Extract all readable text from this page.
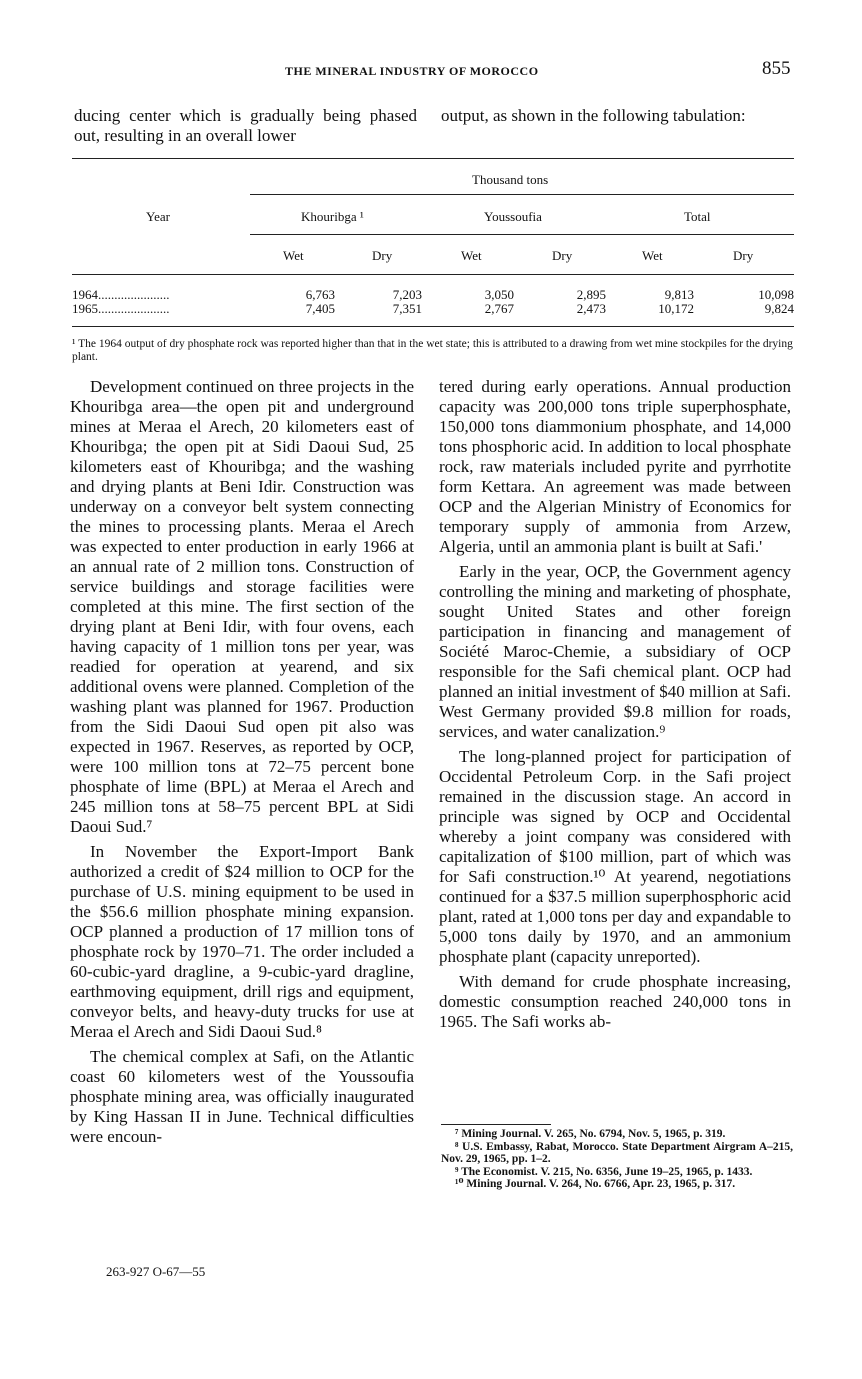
THE MINERAL INDUSTRY OF MOROCCO	855
ducing center which is gradually being phased out, resulting in an overall lower
output, as shown in the following tabulation:
Thousand tons
Year	Khouribga ¹	Youssoufia	Total
Wet	Dry	Wet	Dry	Wet	Dry
1964......................	6,763	7,203	3,050	2,895	9,813	10,098
1965......................	7,405	7,351	2,767	2,473	10,172	9,824
¹ The 1964 output of dry phosphate rock was reported higher than that in the wet state; this is attributed to a drawing from wet mine stockpiles for the drying plant.

Development continued on three projects in the Khouribga area—the open pit and underground mines at Meraa el Arech, 20 kilometers east of Khouribga; the open pit at Sidi Daoui Sud, 25 kilometers east of Khouribga; and the washing and drying plants at Beni Idir. Construction was underway on a conveyor belt system connecting the mines to processing plants. Meraa el Arech was expected to enter production in early 1966 at an annual rate of 2 million tons. Construction of service buildings and storage facilities were completed at this mine. The first section of the drying plant at Beni Idir, with four ovens, each having capacity of 1 million tons per year, was readied for operation at yearend, and six additional ovens were planned. Completion of the washing plant was planned for 1967. Production from the Sidi Daoui Sud open pit also was expected in 1967. Reserves, as reported by OCP, were 100 million tons at 72–75 percent bone phosphate of lime (BPL) at Meraa el Arech and 245 million tons at 58–75 percent BPL at Sidi Daoui Sud.⁷

In November the Export-Import Bank authorized a credit of $24 million to OCP for the purchase of U.S. mining equipment to be used in the $56.6 million phosphate mining expansion. OCP planned a production of 17 million tons of phosphate rock by 1970–71. The order included a 60-cubic-yard dragline, a 9-cubic-yard dragline, earthmoving equipment, drill rigs and equipment, conveyor belts, and heavy-duty trucks for use at Meraa el Arech and Sidi Daoui Sud.⁸

The chemical complex at Safi, on the Atlantic coast 60 kilometers west of the Youssoufia phosphate mining area, was officially inaugurated by King Hassan II in June. Technical difficulties were encoun-

tered during early operations. Annual production capacity was 200,000 tons triple superphosphate, 150,000 tons diammonium phosphate, and 14,000 tons phosphoric acid. In addition to local phosphate rock, raw materials included pyrite and pyrrhotite form Kettara. An agreement was made between OCP and the Algerian Ministry of Economics for temporary supply of ammonia from Arzew, Algeria, until an ammonia plant is built at Safi.'

Early in the year, OCP, the Government agency controlling the mining and marketing of phosphate, sought United States and other foreign participation in financing and management of Société Maroc-Chemie, a subsidiary of OCP responsible for the Safi chemical plant. OCP had planned an initial investment of $40 million at Safi. West Germany provided $9.8 million for roads, services, and water canalization.⁹

The long-planned project for participation of Occidental Petroleum Corp. in the Safi project remained in the discussion stage. An accord in principle was signed by OCP and Occidental whereby a joint company was considered with capitalization of $100 million, part of which was for Safi construction.¹⁰ At yearend, negotiations continued for a $37.5 million superphosphoric acid plant, rated at 1,000 tons per day and expandable to 5,000 tons daily by 1970, and an ammonium phosphate plant (capacity unreported).

With demand for crude phosphate increasing, domestic consumption reached 240,000 tons in 1965. The Safi works ab-

⁷ Mining Journal. V. 265, No. 6794, Nov. 5, 1965, p. 319.

⁸ U.S. Embassy, Rabat, Morocco. State Department Airgram A–215, Nov. 29, 1965, pp. 1–2.

⁹ The Economist. V. 215, No. 6356, June 19–25, 1965, p. 1433.

¹⁰ Mining Journal. V. 264, No. 6766, Apr. 23, 1965, p. 317.

263-927 O-67—55
